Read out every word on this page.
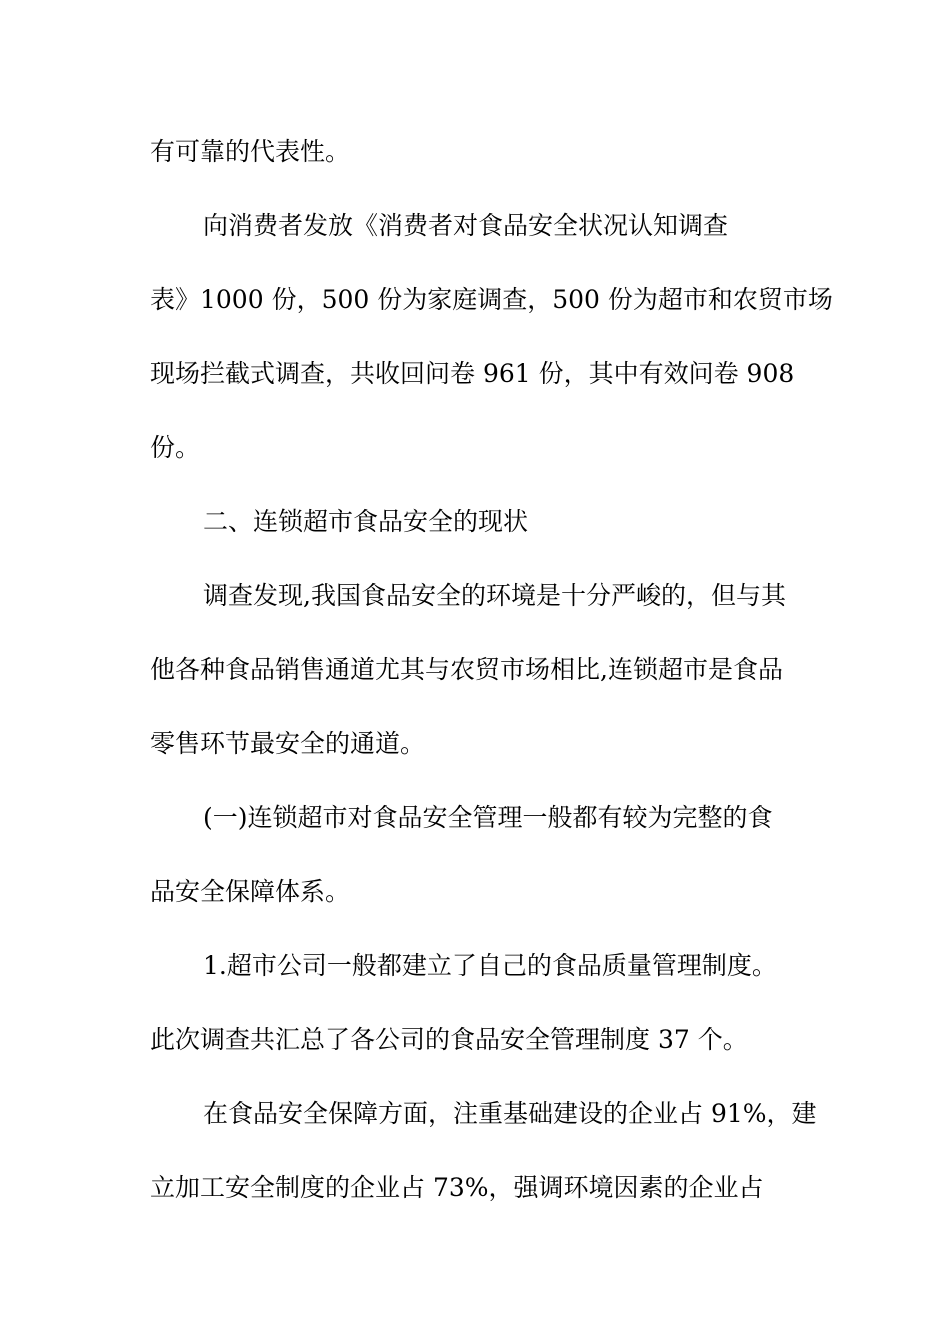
有可靠的代表性。
向消费者发放《消费者对食品安全状况认知调查
表》1000 份，500 份为家庭调查，500 份为超市和农贸市场
现场拦截式调查，共收回问卷 961 份，其中有效问卷 908
份。
二、连锁超市食品安全的现状
调查发现,我国食品安全的环境是十分严峻的，但与其
他各种食品销售通道尤其与农贸市场相比,连锁超市是食品
零售环节最安全的通道。
(一)连锁超市对食品安全管理一般都有较为完整的食
品安全保障体系。
1.超市公司一般都建立了自己的食品质量管理制度。
此次调查共汇总了各公司的食品安全管理制度 37 个。
在食品安全保障方面，注重基础建设的企业占 91%，建
立加工安全制度的企业占 73%，强调环境因素的企业占
